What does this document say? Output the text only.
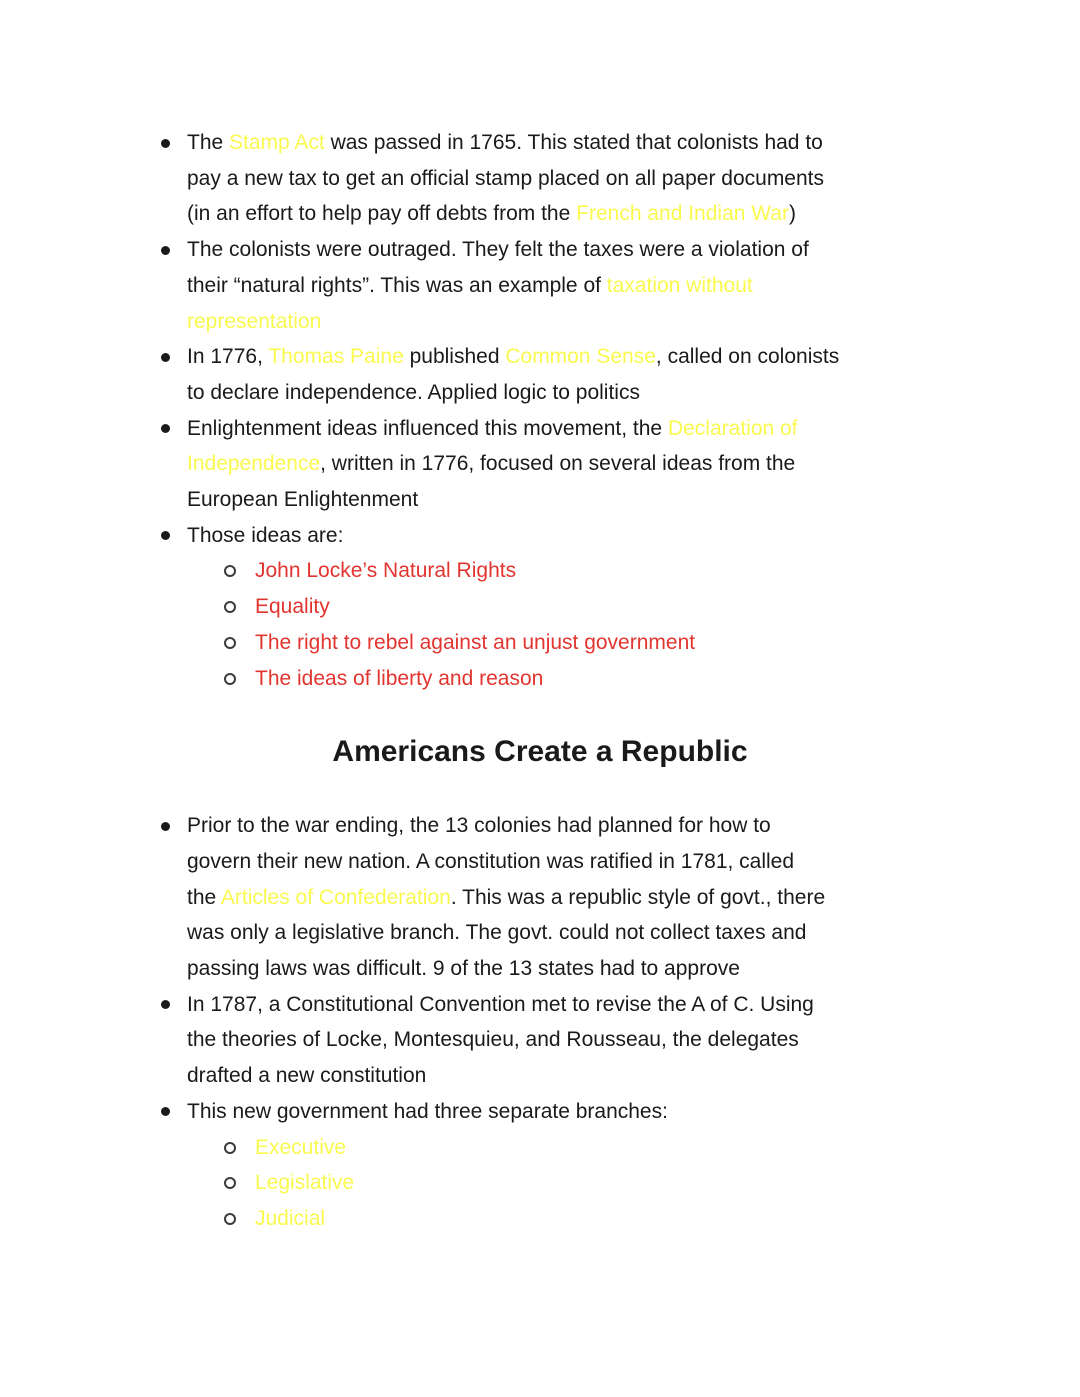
The Stamp Act was passed in 1765. This stated that colonists had to
pay a new tax to get an official stamp placed on all paper documents
(in an effort to help pay off debts from the French and Indian War)
The colonists were outraged. They felt the taxes were a violation of
their “natural rights”. This was an example of taxation without
representation
In 1776, Thomas Paine published Common Sense, called on colonists
to declare independence. Applied logic to politics
Enlightenment ideas influenced this movement, the Declaration of
Independence, written in 1776, focused on several ideas from the
European Enlightenment
Those ideas are:
John Locke’s Natural Rights
Equality
The right to rebel against an unjust government
The ideas of liberty and reason
Americans Create a Republic
Prior to the war ending, the 13 colonies had planned for how to
govern their new nation. A constitution was ratified in 1781, called
the Articles of Confederation. This was a republic style of govt., there
was only a legislative branch. The govt. could not collect taxes and
passing laws was difficult. 9 of the 13 states had to approve
In 1787, a Constitutional Convention met to revise the A of C. Using
the theories of Locke, Montesquieu, and Rousseau, the delegates
drafted a new constitution
This new government had three separate branches:
Executive
Legislative
Judicial
